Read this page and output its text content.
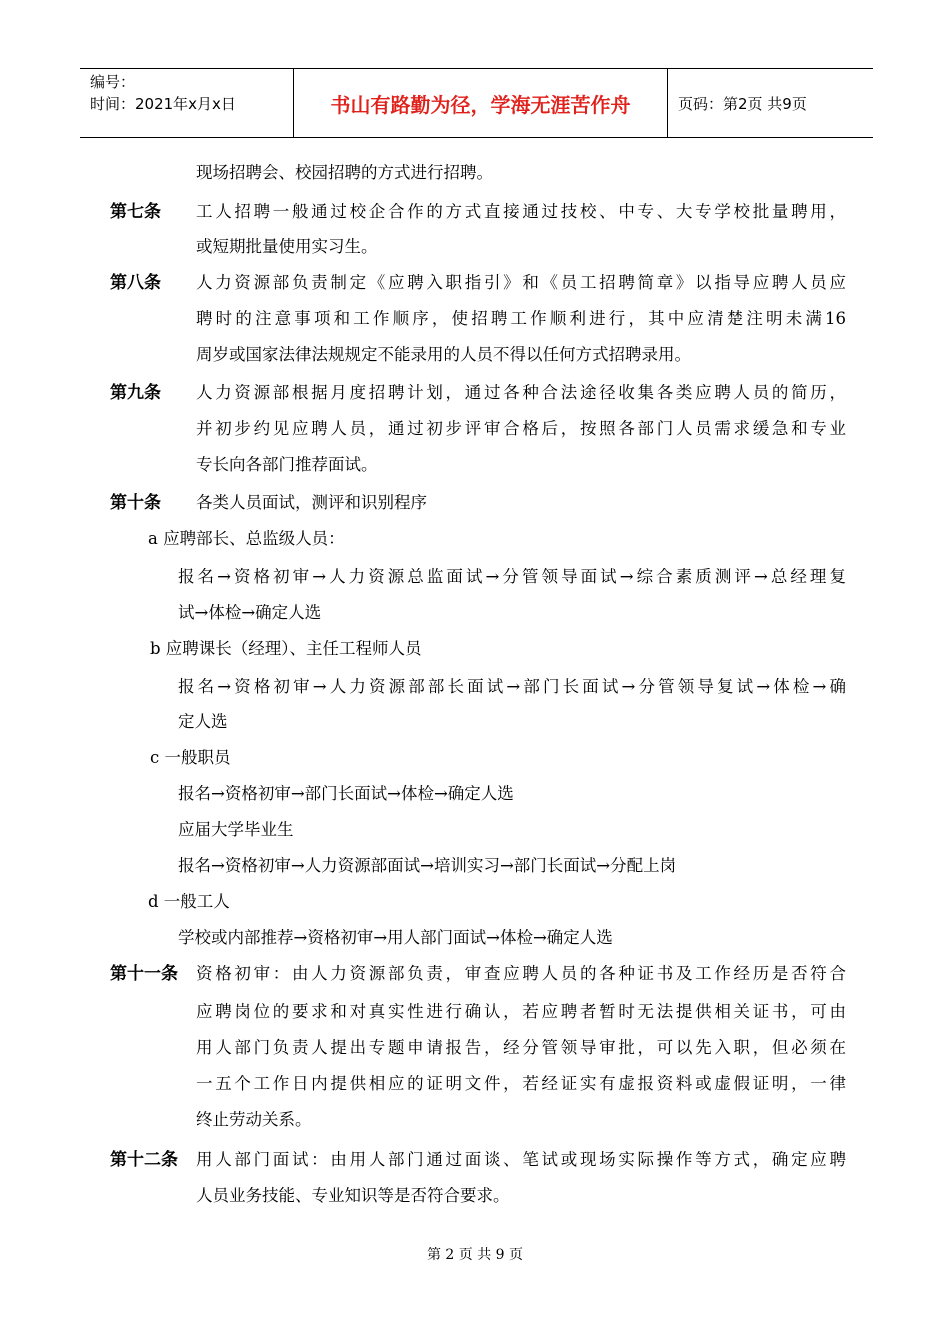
编号：
时间：2021年x月x日	书山有路勤为径，学海无涯苦作舟	页码：第2页 共9页
现场招聘会、校园招聘的方式进行招聘。
第七条 工人招聘一般通过校企合作的方式直接通过技校、中专、大专学校批量聘用，
或短期批量使用实习生。
第八条 人力资源部负责制定《应聘入职指引》和《员工招聘简章》以指导应聘人员应
聘时的注意事项和工作顺序，使招聘工作顺利进行，其中应清楚注明未满16
周岁或国家法律法规规定不能录用的人员不得以任何方式招聘录用。
第九条 人力资源部根据月度招聘计划，通过各种合法途径收集各类应聘人员的简历，
并初步约见应聘人员，通过初步评审合格后，按照各部门人员需求缓急和专业
专长向各部门推荐面试。
第十条 各类人员面试，测评和识别程序
a 应聘部长、总监级人员：
报名→资格初审→人力资源总监面试→分管领导面试→综合素质测评→总经理复
试→体检→确定人选
b 应聘课长（经理）、主任工程师人员
报名→资格初审→人力资源部部长面试→部门长面试→分管领导复试→体检→确
定人选
c 一般职员
报名→资格初审→部门长面试→体检→确定人选
应届大学毕业生
报名→资格初审→人力资源部面试→培训实习→部门长面试→分配上岗
d 一般工人
学校或内部推荐→资格初审→用人部门面试→体检→确定人选
第十一条 资格初审：由人力资源部负责，审查应聘人员的各种证书及工作经历是否符合
应聘岗位的要求和对真实性进行确认，若应聘者暂时无法提供相关证书，可由
用人部门负责人提出专题申请报告，经分管领导审批，可以先入职，但必须在
一五个工作日内提供相应的证明文件，若经证实有虚报资料或虚假证明，一律
终止劳动关系。
第十二条 用人部门面试：由用人部门通过面谈、笔试或现场实际操作等方式，确定应聘
人员业务技能、专业知识等是否符合要求。
第 2 页 共 9 页
